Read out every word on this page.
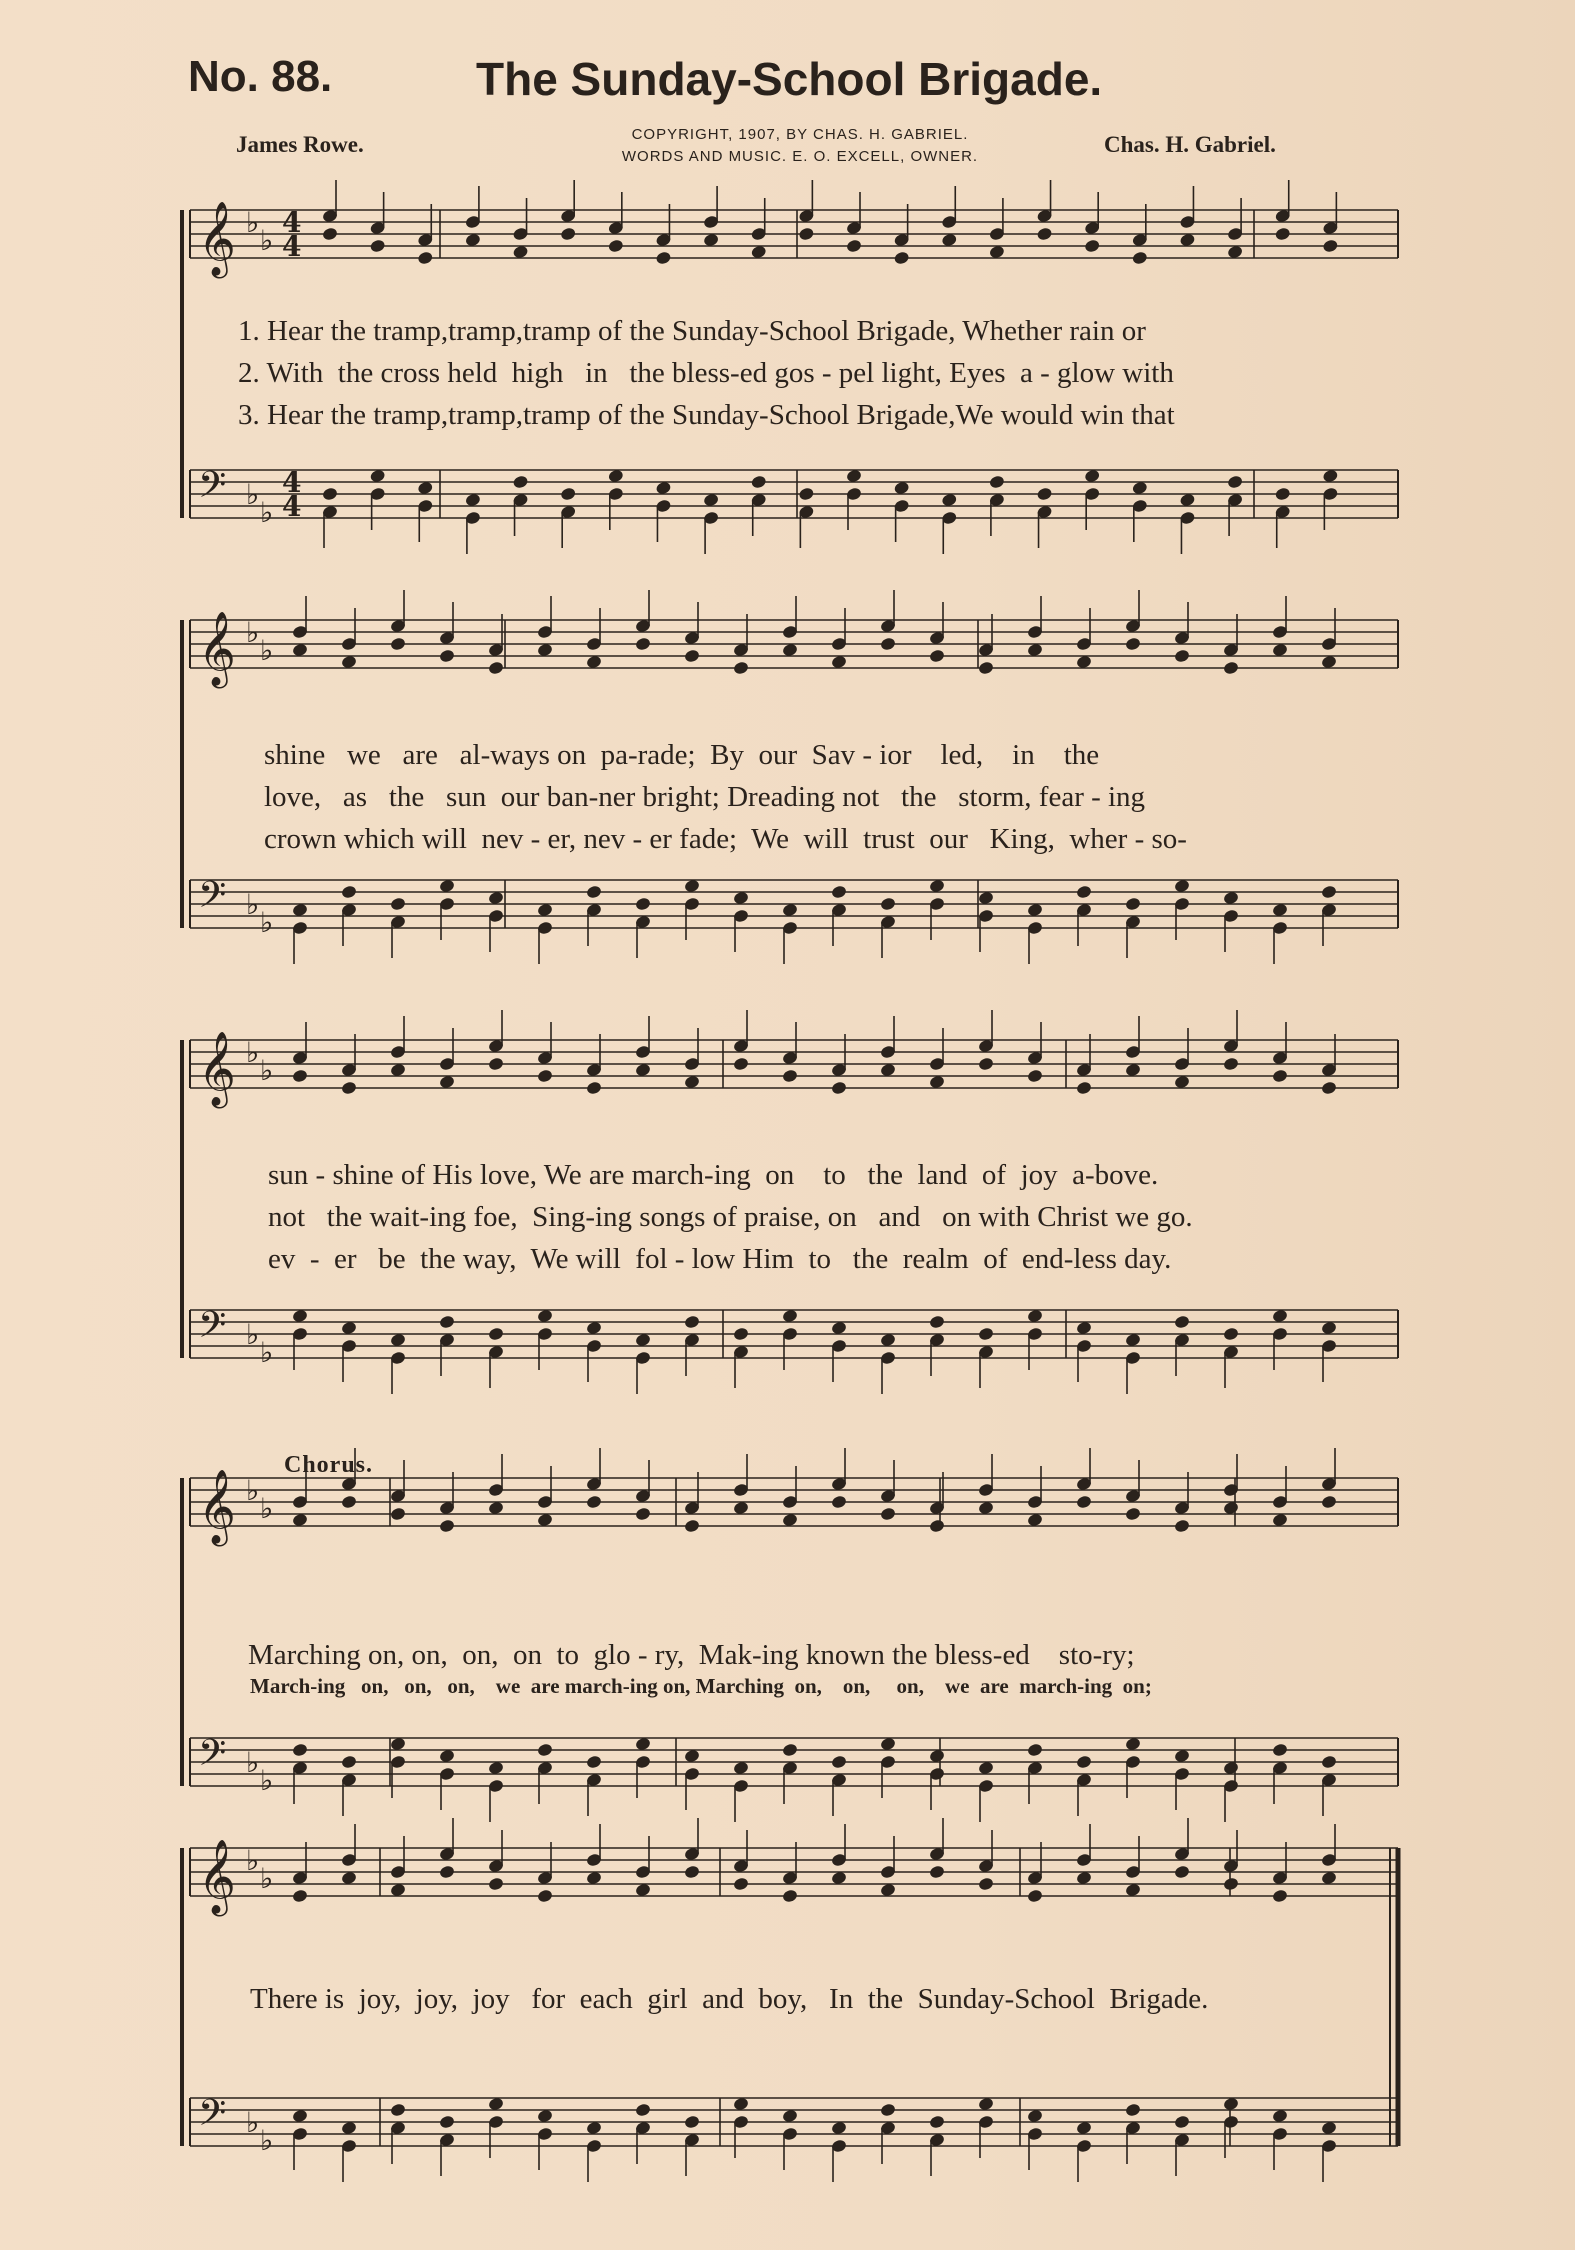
No. 88.	The Sunday-School Brigade.
James Rowe.	COPYRIGHT, 1907, BY CHAS. H. GABRIEL.
WORDS AND MUSIC. E. O. EXCELL, OWNER.	Chas. H. Gabriel.
𝄞 ♭
♭
4
4
𝄢 ♭
♭
4
4
𝄞 ♭
♭
𝄢 ♭
♭
𝄞 ♭
♭
𝄢 ♭
♭
𝄞 ♭
♭
𝄢 ♭
♭
𝄞 ♭
♭
𝄢 ♭
♭
1. Hear the tramp,tramp,tramp of the Sunday-School Brigade, Whether rain or
2. With  the cross held  high   in   the bless-ed gos - pel light, Eyes  a - glow with
3. Hear the tramp,tramp,tramp of the Sunday-School Brigade,We would win that
shine   we   are   al-ways on  pa-rade;  By  our  Sav - ior    led,    in    the
love,   as   the   sun  our ban-ner bright; Dreading not   the   storm, fear - ing
crown which will  nev - er, nev - er fade;  We  will  trust  our   King,  wher - so-
sun - shine of His love, We are march-ing  on    to   the  land  of  joy  a-bove.
not   the wait-ing foe,  Sing-ing songs of praise, on   and   on with Christ we go.
ev  -  er   be  the way,  We will  fol - low Him  to   the  realm  of  end-less day.
Chorus.
Marching on, on,  on,  on  to  glo - ry,  Mak-ing known the bless-ed    sto-ry;
March-ing   on,   on,   on,    we  are march-ing on, Marching  on,    on,     on,    we  are  march-ing  on;
There is  joy,  joy,  joy   for  each  girl  and  boy,   In  the  Sunday-School  Brigade.
